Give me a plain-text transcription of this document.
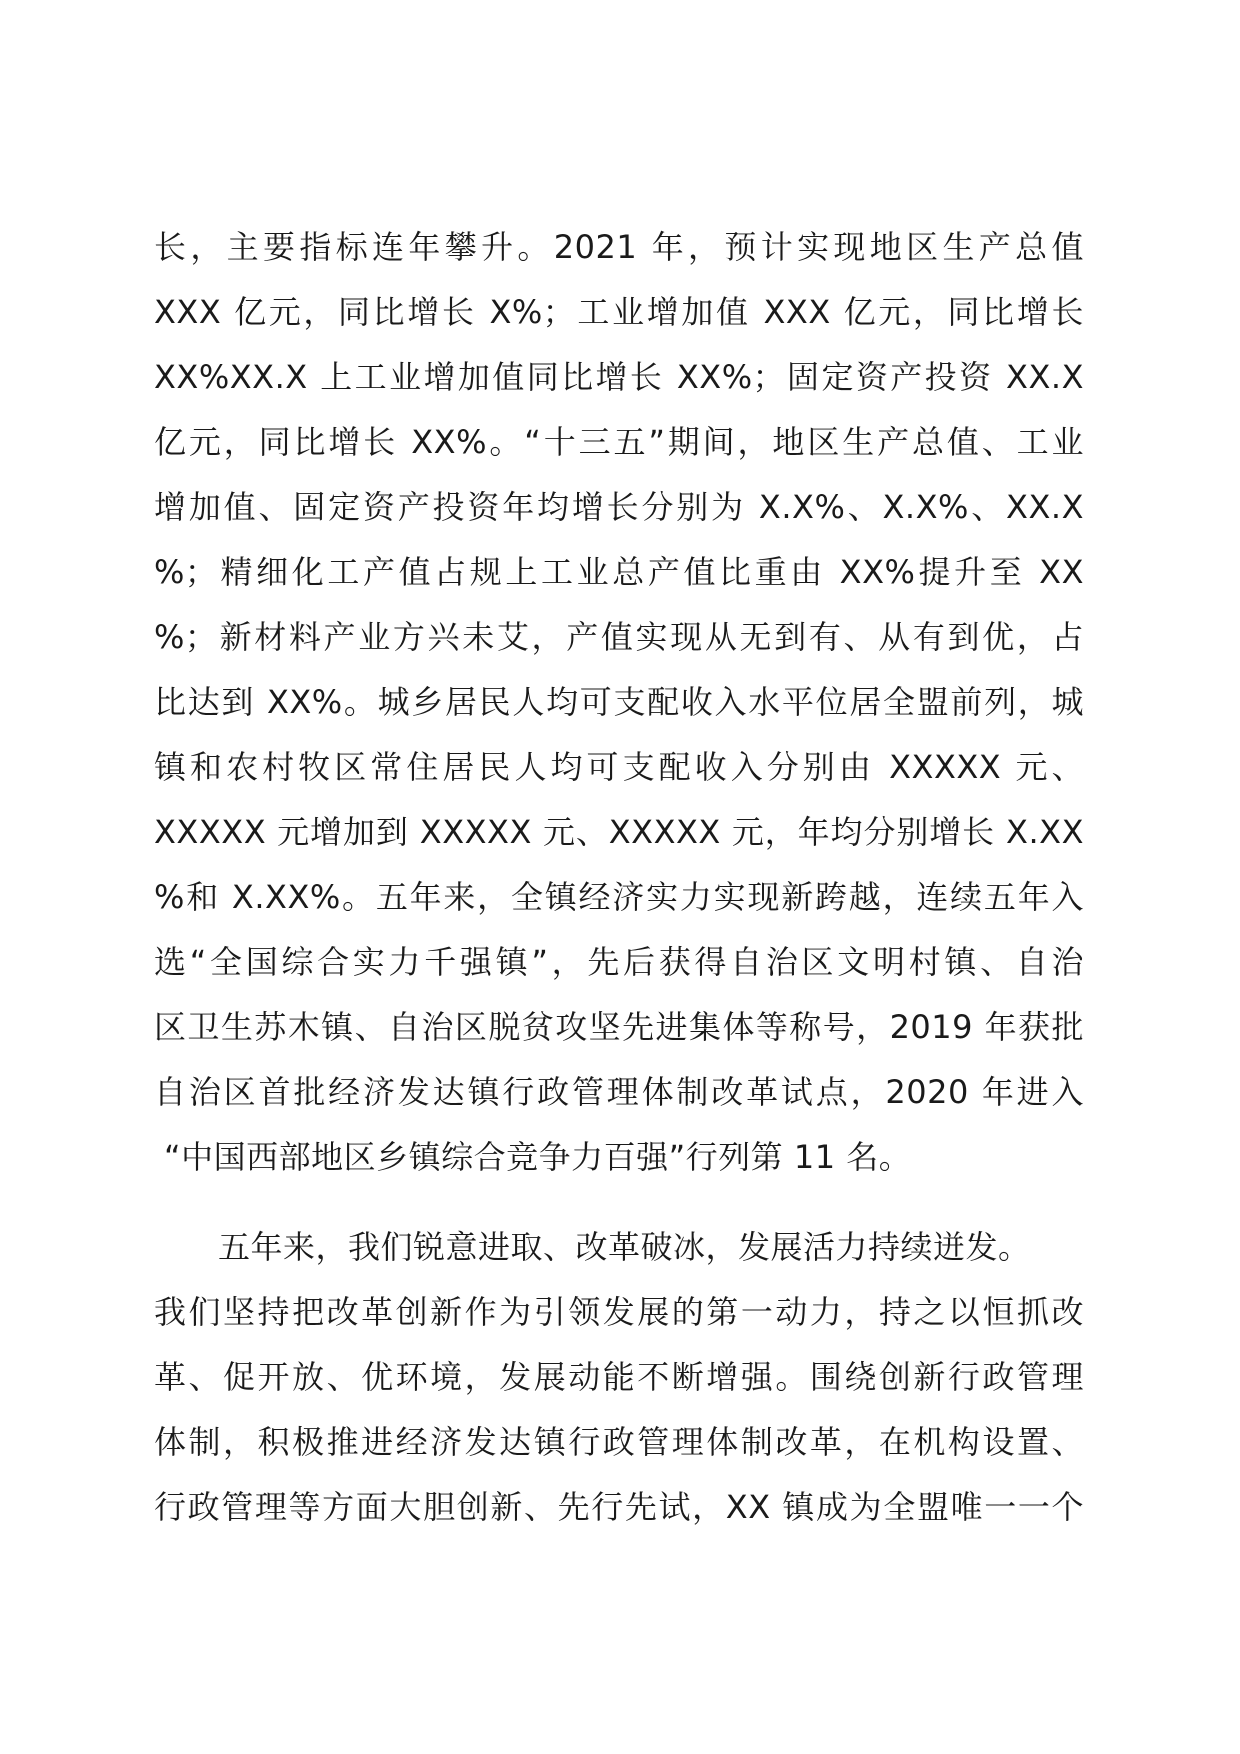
长，主要指标连年攀升。2021 年，预计实现地区生产总值
XXX 亿元，同比增长 X%；工业增加值 XXX 亿元，同比增长
XX%XX.X 上工业增加值同比增长 XX%；固定资产投资 XX.X
亿元，同比增长 XX%。“十三五”期间，地区生产总值、工业
增加值、固定资产投资年均增长分别为 X.X%、X.X%、XX.X
%；精细化工产值占规上工业总产值比重由 XX%提升至 XX
%；新材料产业方兴未艾，产值实现从无到有、从有到优，占
比达到 XX%。城乡居民人均可支配收入水平位居全盟前列，城
镇和农村牧区常住居民人均可支配收入分别由 XXXXX 元、
XXXXX 元增加到 XXXXX 元、XXXXX 元，年均分别增长 X.XX
%和 X.XX%。五年来，全镇经济实力实现新跨越，连续五年入
选“全国综合实力千强镇”，先后获得自治区文明村镇、自治
区卫生苏木镇、自治区脱贫攻坚先进集体等称号，2019 年获批
自治区首批经济发达镇行政管理体制改革试点，2020 年进入
“中国西部地区乡镇综合竞争力百强”行列第 11 名。
五年来，我们锐意进取、改革破冰，发展活力持续迸发。
我们坚持把改革创新作为引领发展的第一动力，持之以恒抓改
革、促开放、优环境，发展动能不断增强。围绕创新行政管理
体制，积极推进经济发达镇行政管理体制改革，在机构设置、
行政管理等方面大胆创新、先行先试，XX 镇成为全盟唯一一个
